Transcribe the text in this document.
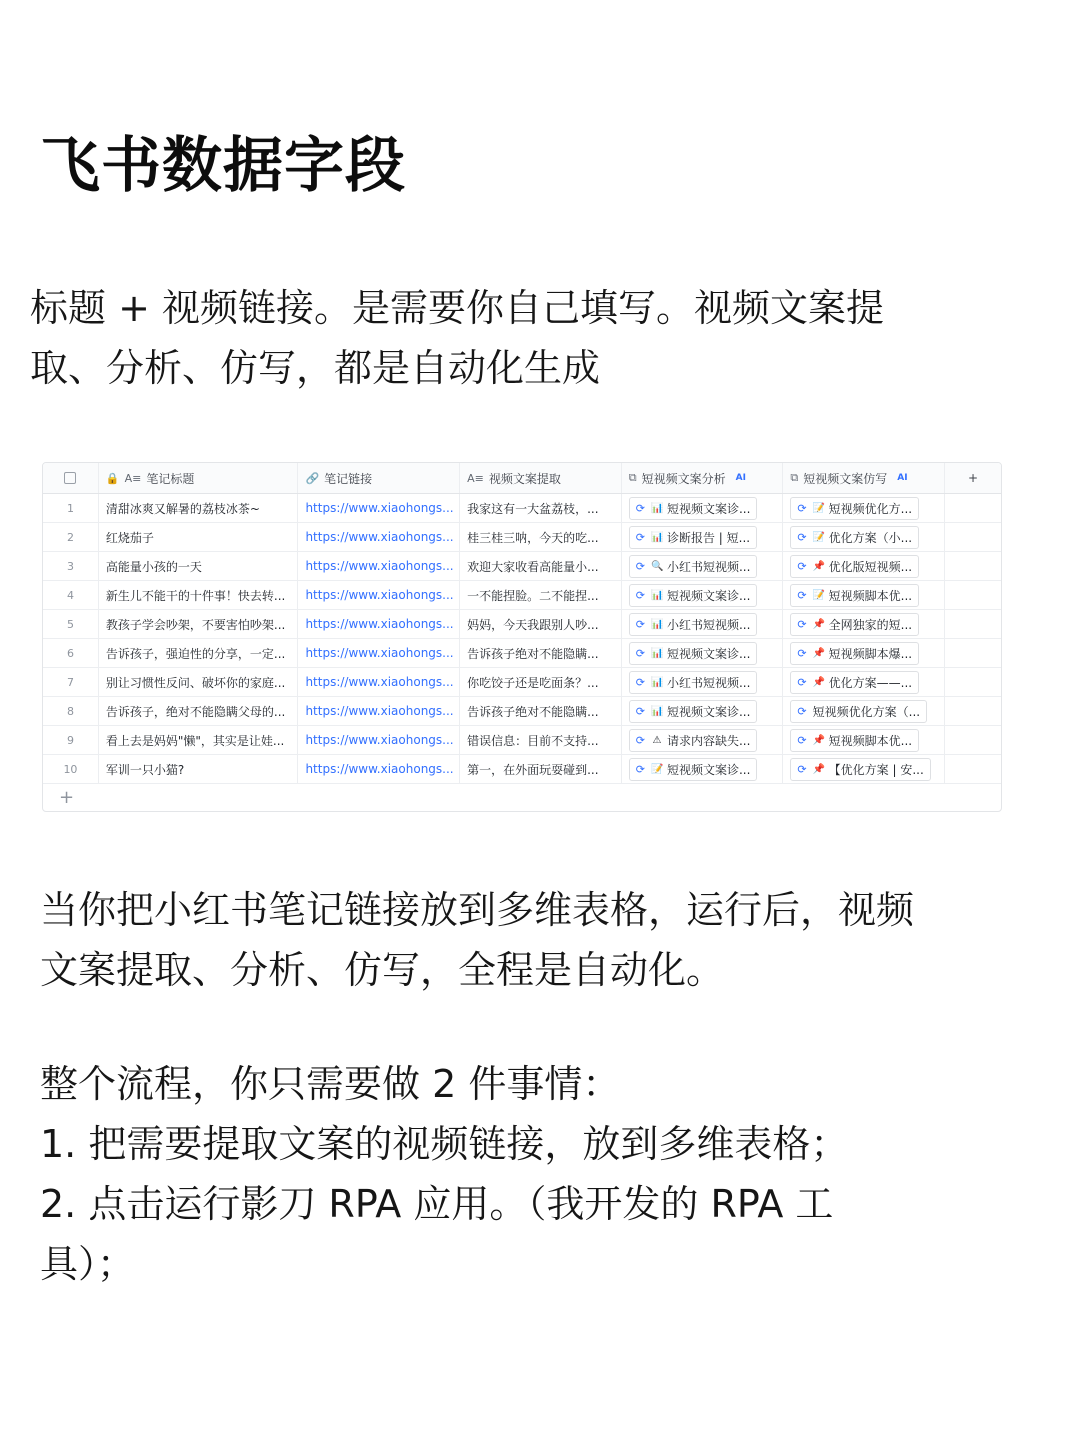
飞书数据字段

标题 + 视频链接。是需要你自己填写。视频文案提
取、分析、仿写，都是自动化生成

🔒 A≡ 笔记标题	🔗 笔记链接	A≡ 视频文案提取	⧉ 短视频文案分析 AI	⧉ 短视频文案仿写 AI	+
1	清甜冰爽又解暑的荔枝冰茶~	https://www.xiaohongs... 我家这有一大盆荔枝，...	⟳ 📊 短视频文案诊...	⟳ 📝 短视频优化方...
2	红烧茄子	https://www.xiaohongs... 桂三桂三呐，今天的吃...	⟳ 📊 诊断报告 | 短...	⟳ 📝 优化方案（小...
3	高能量小孩的一天	https://www.xiaohongs... 欢迎大家收看高能量小...	⟳ 🔍 小红书短视频...	⟳ 📌 优化版短视频...
4	新生儿不能干的十件事！快去转... https://www.xiaohongs... 一不能捏脸。二不能捏...	⟳ 📊 短视频文案诊...	⟳ 📝 短视频脚本优...
5	教孩子学会吵架，不要害怕吵架... https://www.xiaohongs... 妈妈，今天我跟别人吵...	⟳ 📊 小红书短视频...	⟳ 📌 全网独家的短...
6	告诉孩子，强迫性的分享，一定... https://www.xiaohongs... 告诉孩子绝对不能隐瞒...	⟳ 📊 短视频文案诊...	⟳ 📌 短视频脚本爆...
7	别让习惯性反问、破坏你的家庭... https://www.xiaohongs... 你吃饺子还是吃面条？...	⟳ 📊 小红书短视频...	⟳ 📌 优化方案——...
8	告诉孩子，绝对不能隐瞒父母的... https://www.xiaohongs... 告诉孩子绝对不能隐瞒...	⟳ 📊 短视频文案诊...	⟳ 短视频优化方案（...
9	看上去是妈妈"懒"，其实是让娃... https://www.xiaohongs... 错误信息：目前不支持...	⟳ ⚠ 请求内容缺失...	⟳ 📌 短视频脚本优...
10	军训一只小猫?	https://www.xiaohongs... 第一，在外面玩耍碰到...	⟳ 📝 短视频文案诊...	⟳ 📌 【优化方案 | 安...
+

当你把小红书笔记链接放到多维表格，运行后，视频
文案提取、分析、仿写，全程是自动化。

整个流程，你只需要做 2 件事情：
1. 把需要提取文案的视频链接，放到多维表格；
2. 点击运行影刀 RPA 应用。（我开发的 RPA 工
具）；
